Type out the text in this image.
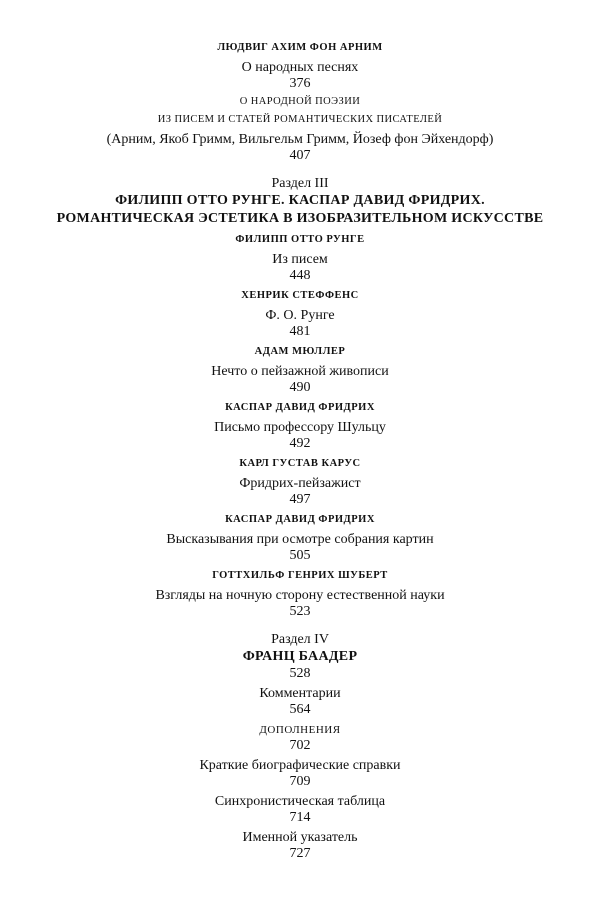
ЛЮДВИГ АХИМ ФОН АРНИМ
О народных песнях
376
О НАРОДНОЙ ПОЭЗИИ
ИЗ ПИСЕМ И СТАТЕЙ РОМАНТИЧЕСКИХ ПИСАТЕЛЕЙ
(Арним, Якоб Гримм, Вильгельм Гримм, Йозеф фон Эйхендорф)
407
Раздел III
ФИЛИПП ОТТО РУНГЕ. КАСПАР ДАВИД ФРИДРИХ.
РОМАНТИЧЕСКАЯ ЭСТЕТИКА В ИЗОБРАЗИТЕЛЬНОМ ИСКУССТВЕ
ФИЛИПП ОТТО РУНГЕ
Из писем
448
ХЕНРИК СТЕФФЕНС
Ф. О. Рунге
481
АДАМ МЮЛЛЕР
Нечто о пейзажной живописи
490
КАСПАР ДАВИД ФРИДРИХ
Письмо профессору Шульцу
492
КАРЛ ГУСТАВ КАРУС
Фридрих-пейзажист
497
КАСПАР ДАВИД ФРИДРИХ
Высказывания при осмотре собрания картин
505
ГОТТХИЛЬФ ГЕНРИХ ШУБЕРТ
Взгляды на ночную сторону естественной науки
523
Раздел IV
ФРАНЦ БААДЕР
528
Комментарии
564
ДОПОЛНЕНИЯ
702
Краткие биографические справки
709
Синхронистическая таблица
714
Именной указатель
727
